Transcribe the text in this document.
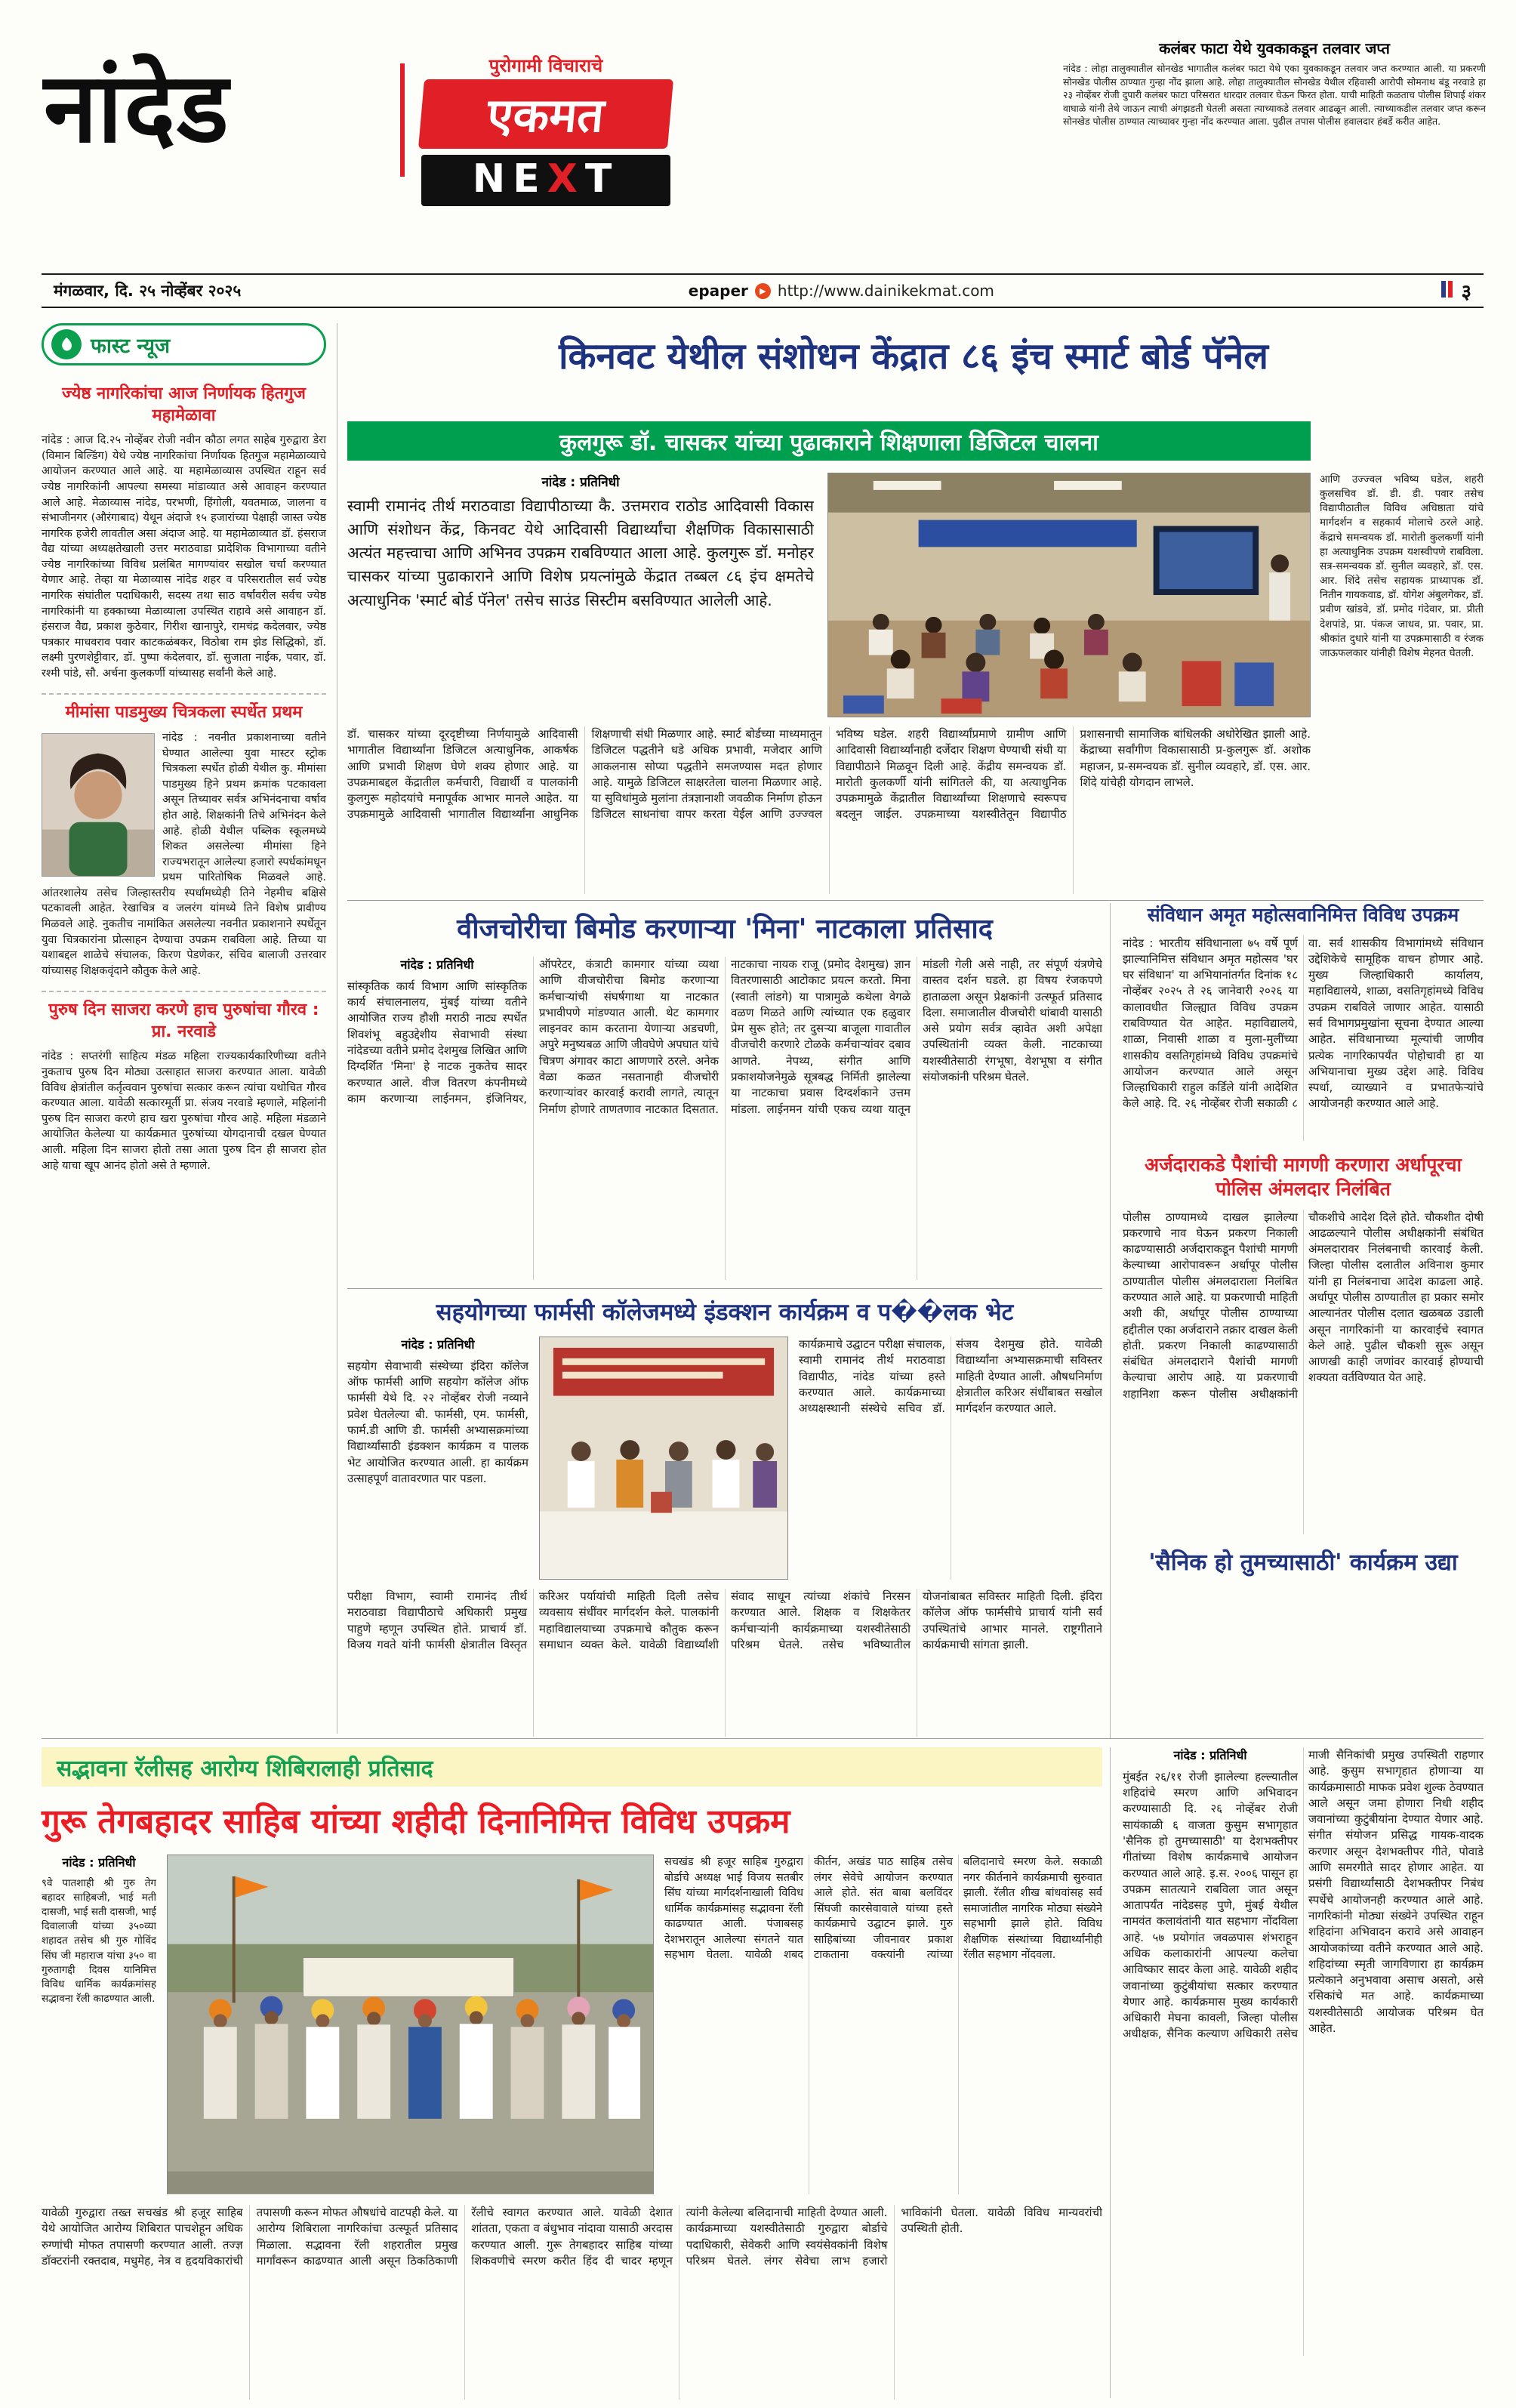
नांदेड	पुरोगामी विचाराचे
एकमत
NEXT
कलंबर फाटा येथे युवकाकडून तलवार जप्त
नांदेड : लोहा तालुक्यातील सोनखेड भागातील कलंबर फाटा येथे एका युवकाकडून तलवार जप्त करण्यात आली. या प्रकरणी सोनखेड पोलीस ठाण्यात गुन्हा नोंद झाला आहे. लोहा तालुक्यातील सोनखेड येथील रहिवासी आरोपी सोमनाथ बंडू नरवाडे हा २३ नोव्हेंबर रोजी दुपारी कलंबर फाटा परिसरात धारदार तलवार घेऊन फिरत होता. याची माहिती कळताच पोलीस शिपाई शंकर वाघाळे यांनी तेथे जाऊन त्याची अंगझडती घेतली असता त्याच्याकडे तलवार आढळून आली. त्याच्याकडील तलवार जप्त करून सोनखेड पोलीस ठाण्यात त्याच्यावर गुन्हा नोंद करण्यात आला. पुढील तपास पोलीस हवालदार हंबर्डे करीत आहेत.
मंगळवार, दि. २५ नोव्हेंबर २०२५	epaper ▶ http://www.dainikekmat.com	३
फास्ट न्यूज
ज्येष्ठ नागरिकांचा आज निर्णायक हितगुज महामेळावा
नांदेड : आज दि.२५ नोव्हेंबर रोजी नवीन कौठा लगत साहेब गुरुद्वारा डेरा (विमान बिल्डिंग) येथे ज्येष्ठ नागरिकांचा निर्णायक हितगुज महामेळाव्याचे आयोजन करण्यात आले आहे. या महामेळाव्यास उपस्थित राहून सर्व ज्येष्ठ नागरिकांनी आपल्या समस्या मांडाव्यात असे आवाहन करण्यात आले आहे. मेळाव्यास नांदेड, परभणी, हिंगोली, यवतमाळ, जालना व संभाजीनगर (औरंगाबाद) येथून अंदाजे १५ हजारांच्या पेक्षाही जास्त ज्येष्ठ नागरिक हजेरी लावतील असा अंदाज आहे. या महामेळाव्यात डॉ. हंसराज वैद्य यांच्या अध्यक्षतेखाली उत्तर मराठवाडा प्रादेशिक विभागाच्या वतीने ज्येष्ठ नागरिकांच्या विविध प्रलंबित मागण्यांवर सखोल चर्चा करण्यात येणार आहे. तेव्हा या मेळाव्यास नांदेड शहर व परिसरातील सर्व ज्येष्ठ नागरिक संघांतील पदाधिकारी, सदस्य तथा साठ वर्षांवरील सर्वच ज्येष्ठ नागरिकांनी या हक्काच्या मेळाव्याला उपस्थित राहावे असे आवाहन डॉ. हंसराज वैद्य, प्रकाश कुठेवार, गिरीश खानापुरे, रामचंद्र कदेलवार, ज्येष्ठ पत्रकार माधवराव पवार काटकळंबकर, विठोबा राम झेड सिद्धिको, डॉ. लक्ष्मी पुरणशेट्टीवार, डॉ. पुष्पा कंदेलवार, डॉ. सुजाता नाईक, पवार, डॉ. रश्मी पांडे, सौ. अर्चना कुलकर्णी यांच्यासह सर्वांनी केले आहे.
मीमांसा पाडमुख्य चित्रकला स्पर्धेत प्रथम
नांदेड : नवनीत प्रकाशनाच्या वतीने घेण्यात आलेल्या युवा मास्टर स्ट्रोक चित्रकला स्पर्धेत होळी येथील कु. मीमांसा पाडमुख्य हिने प्रथम क्रमांक पटकावला असून तिच्यावर सर्वत्र अभिनंदनाचा वर्षाव होत आहे. शिक्षकांनी तिचे अभिनंदन केले आहे. होळी येथील पब्लिक स्कूलमध्ये शिकत असलेल्या मीमांसा हिने राज्यभरातून आलेल्या हजारो स्पर्धकांमधून प्रथम पारितोषिक मिळवले आहे. आंतरशालेय तसेच जिल्हास्तरीय स्पर्धांमध्येही तिने नेहमीच बक्षिसे पटकावली आहेत. रेखाचित्र व जलरंग यांमध्ये तिने विशेष प्रावीण्य मिळवले आहे. नुकतीच नामांकित असलेल्या नवनीत प्रकाशनाने स्पर्धेतून युवा चित्रकारांना प्रोत्साहन देण्याचा उपक्रम राबविला आहे. तिच्या या यशाबद्दल शाळेचे संचालक, किरण पेडणेकर, संचिव बालाजी उत्तरवार यांच्यासह शिक्षकवृंदाने कौतुक केले आहे.
पुरुष दिन साजरा करणे हाच पुरुषांचा गौरव : प्रा. नरवाडे
नांदेड : सप्तरंगी साहित्य मंडळ महिला राज्यकार्यकारिणीच्या वतीने नुकताच पुरुष दिन मोठ्या उत्साहात साजरा करण्यात आला. यावेळी विविध क्षेत्रांतील कर्तृत्ववान पुरुषांचा सत्कार करून त्यांचा यथोचित गौरव करण्यात आला. यावेळी सत्कारमूर्ती प्रा. संजय नरवाडे म्हणाले, महिलांनी पुरुष दिन साजरा करणे हाच खरा पुरुषांचा गौरव आहे. महिला मंडळाने आयोजित केलेल्या या कार्यक्रमात पुरुषांच्या योगदानाची दखल घेण्यात आली. महिला दिन साजरा होतो तसा आता पुरुष दिन ही साजरा होत आहे याचा खूप आनंद होतो असे ते म्हणाले.
किनवट येथील संशोधन केंद्रात ८६ इंच स्मार्ट बोर्ड पॅनेल
कुलगुरू डॉ. चासकर यांच्या पुढाकाराने शिक्षणाला डिजिटल चालना
नांदेड : प्रतिनिधी
स्वामी रामानंद तीर्थ मराठवाडा विद्यापीठाच्या कै. उत्तमराव राठोड आदिवासी विकास आणि संशोधन केंद्र, किनवट येथे आदिवासी विद्यार्थ्यांचा शैक्षणिक विकासासाठी अत्यंत महत्त्वाचा आणि अभिनव उपक्रम राबविण्यात आला आहे. कुलगुरू डॉ. मनोहर चासकर यांच्या पुढाकाराने आणि विशेष प्रयत्नांमुळे केंद्रात तब्बल ८६ इंच क्षमतेचे अत्याधुनिक 'स्मार्ट बोर्ड पॅनेल' तसेच साउंड सिस्टीम बसविण्यात आलेली आहे.
आणि उज्ज्वल भविष्य घडेल, शहरी कुलसचिव डॉ. डी. डी. पवार तसेच विद्यापीठातील विविध अधिष्ठाता यांचे मार्गदर्शन व सहकार्य मोलाचे ठरले आहे. केंद्राचे समन्वयक डॉ. मारोती कुलकर्णी यांनी हा अत्याधुनिक उपक्रम यशस्वीपणे राबविला. सत्र-समन्वयक डॉ. सुनील व्यवहारे, डॉ. एस. आर. शिंदे तसेच सहायक प्राध्यापक डॉ. नितीन गायकवाड, डॉ. योगेश अंबुलगेकर, डॉ. प्रवीण खांडवे, डॉ. प्रमोद गंदेवार, प्रा. प्रीती देशपांडे, प्रा. पंकज जाधव, प्रा. पवार, प्रा. श्रीकांत दुधारे यांनी या उपक्रमासाठी व रंजक जाऊफलकार यांनीही विशेष मेहनत घेतली.
डॉ. चासकर यांच्या दूरदृष्टीच्या निर्णयामुळे आदिवासी भागातील विद्यार्थ्यांना डिजिटल अत्याधुनिक, आकर्षक आणि प्रभावी शिक्षण घेणे शक्य होणार आहे. या उपक्रमाबद्दल केंद्रातील कर्मचारी, विद्यार्थी व पालकांनी कुलगुरू महोदयांचे मनापूर्वक आभार मानले आहेत. या उपक्रमामुळे आदिवासी भागातील विद्यार्थ्यांना आधुनिक शिक्षणाची संधी मिळणार आहे. स्मार्ट बोर्डच्या माध्यमातून डिजिटल पद्धतीने धडे अधिक प्रभावी, मजेदार आणि आकलनास सोप्या पद्धतीने समजण्यास मदत होणार आहे. यामुळे डिजिटल साक्षरतेला चालना मिळणार आहे. या सुविधांमुळे मुलांना तंत्रज्ञानाशी जवळीक निर्माण होऊन डिजिटल साधनांचा वापर करता येईल आणि उज्ज्वल भविष्य घडेल. शहरी विद्यार्थ्यांप्रमाणे ग्रामीण आणि आदिवासी विद्यार्थ्यांनाही दर्जेदार शिक्षण घेण्याची संधी या विद्यापीठाने मिळवून दिली आहे. केंद्रीय समन्वयक डॉ. मारोती कुलकर्णी यांनी सांगितले की, या अत्याधुनिक उपक्रमामुळे केंद्रातील विद्यार्थ्यांच्या शिक्षणाचे स्वरूपच बदलून जाईल. उपक्रमाच्या यशस्वीतेतून विद्यापीठ प्रशासनाची सामाजिक बांधिलकी अधोरेखित झाली आहे. केंद्राच्या सर्वांगीण विकासासाठी प्र-कुलगुरू डॉ. अशोक महाजन, प्र-समन्वयक डॉ. सुनील व्यवहारे, डॉ. एस. आर. शिंदे यांचेही योगदान लाभले.
वीजचोरीचा बिमोड करणाऱ्या 'मिना' नाटकाला प्रतिसाद
नांदेड : प्रतिनिधी
सांस्कृतिक कार्य विभाग आणि सांस्कृतिक कार्य संचालनालय, मुंबई यांच्या वतीने आयोजित राज्य हौशी मराठी नाट्य स्पर्धेत शिवशंभू बहुउद्देशीय सेवाभावी संस्था नांदेडच्या वतीने प्रमोद देशमुख लिखित आणि दिग्दर्शित 'मिना' हे नाटक नुकतेच सादर करण्यात आले. वीज वितरण कंपनीमध्ये काम करणाऱ्या लाईनमन, इंजिनियर, ऑपरेटर, कंत्राटी कामगार यांच्या व्यथा आणि वीजचोरीचा बिमोड करणाऱ्या कर्मचाऱ्यांची संघर्षगाथा या नाटकात प्रभावीपणे मांडण्यात आली. थेट कामगार लाइनवर काम करताना येणाऱ्या अडचणी, अपुरे मनुष्यबळ आणि जीवघेणे अपघात यांचे चित्रण अंगावर काटा आणणारे ठरले. अनेक वेळा कळत नसतानाही वीजचोरी करणाऱ्यांवर कारवाई करावी लागते, त्यातून निर्माण होणारे ताणतणाव नाटकात दिसतात. नाटकाचा नायक राजू (प्रमोद देशमुख) ज्ञान वितरणासाठी आटोकाट प्रयत्न करतो. मिना (स्वाती लांडगे) या पात्रामुळे कथेला वेगळे वळण मिळते आणि त्यांच्यात एक हळुवार प्रेम सुरू होते; तर दुसऱ्या बाजूला गावातील वीजचोरी करणारे टोळके कर्मचाऱ्यांवर दबाव आणते. नेपथ्य, संगीत आणि प्रकाशयोजनेमुळे सूत्रबद्ध निर्मिती झालेल्या या नाटकाचा प्रवास दिग्दर्शकाने उत्तम मांडला. लाईनमन यांची एकच व्यथा यातून मांडली गेली असे नाही, तर संपूर्ण यंत्रणेचे वास्तव दर्शन घडले. हा विषय रंजकपणे हाताळला असून प्रेक्षकांनी उत्स्फूर्त प्रतिसाद दिला. समाजातील वीजचोरी थांबावी यासाठी असे प्रयोग सर्वत्र व्हावेत अशी अपेक्षा उपस्थितांनी व्यक्त केली. नाटकाच्या यशस्वीतेसाठी रंगभूषा, वेशभूषा व संगीत संयोजकांनी परिश्रम घेतले.
सहयोगच्या फार्मसी कॉलेजमध्ये इंडक्शन कार्यक्रम व प��लक भेट
नांदेड : प्रतिनिधी
सहयोग सेवाभावी संस्थेच्या इंदिरा कॉलेज ऑफ फार्मसी आणि सहयोग कॉलेज ऑफ फार्मसी येथे दि. २२ नोव्हेंबर रोजी नव्याने प्रवेश घेतलेल्या बी. फार्मसी, एम. फार्मसी, फार्म.डी आणि डी. फार्मसी अभ्यासक्रमांच्या विद्यार्थ्यांसाठी इंडक्शन कार्यक्रम व पालक भेट आयोजित करण्यात आली. हा कार्यक्रम उत्साहपूर्ण वातावरणात पार पडला.
कार्यक्रमाचे उद्घाटन परीक्षा संचालक, स्वामी रामानंद तीर्थ मराठवाडा विद्यापीठ, नांदेड यांच्या हस्ते करण्यात आले. कार्यक्रमाच्या अध्यक्षस्थानी संस्थेचे सचिव डॉ. संजय देशमुख होते. यावेळी विद्यार्थ्यांना अभ्यासक्रमाची सविस्तर माहिती देण्यात आली. औषधनिर्माण क्षेत्रातील करिअर संधींबाबत सखोल मार्गदर्शन करण्यात आले.
परीक्षा विभाग, स्वामी रामानंद तीर्थ मराठवाडा विद्यापीठाचे अधिकारी प्रमुख पाहुणे म्हणून उपस्थित होते. प्राचार्य डॉ. विजय गवते यांनी फार्मसी क्षेत्रातील विस्तृत करिअर पर्यायांची माहिती दिली तसेच व्यवसाय संधींवर मार्गदर्शन केले. पालकांनी महाविद्यालयाच्या उपक्रमाचे कौतुक करून समाधान व्यक्त केले. यावेळी विद्यार्थ्यांशी संवाद साधून त्यांच्या शंकांचे निरसन करण्यात आले. शिक्षक व शिक्षकेतर कर्मचाऱ्यांनी कार्यक्रमाच्या यशस्वीतेसाठी परिश्रम घेतले. तसेच भविष्यातील योजनांबाबत सविस्तर माहिती दिली. इंदिरा कॉलेज ऑफ फार्मसीचे प्राचार्य यांनी सर्व उपस्थितांचे आभार मानले. राष्ट्रगीताने कार्यक्रमाची सांगता झाली.
संविधान अमृत महोत्सवानिमित्त विविध उपक्रम
नांदेड : भारतीय संविधानाला ७५ वर्षे पूर्ण झाल्यानिमित्त संविधान अमृत महोत्सव 'घर घर संविधान' या अभियानांतर्गत दिनांक १८ नोव्हेंबर २०२५ ते २६ जानेवारी २०२६ या कालावधीत जिल्ह्यात विविध उपक्रम राबविण्यात येत आहेत. महाविद्यालये, शाळा, निवासी शाळा व मुला-मुलींच्या शासकीय वसतिगृहांमध्ये विविध उपक्रमांचे आयोजन करण्यात आले असून जिल्हाधिकारी राहुल कर्डिले यांनी आदेशित केले आहे. दि. २६ नोव्हेंबर रोजी सकाळी ८ वा. सर्व शासकीय विभागांमध्ये संविधान उद्देशिकेचे सामूहिक वाचन होणार आहे. मुख्य जिल्हाधिकारी कार्यालय, महाविद्यालये, शाळा, वसतिगृहांमध्ये विविध उपक्रम राबविले जाणार आहेत. यासाठी सर्व विभागप्रमुखांना सूचना देण्यात आल्या आहेत. संविधानाच्या मूल्यांची जाणीव प्रत्येक नागरिकापर्यंत पोहोचावी हा या अभियानाचा मुख्य उद्देश आहे. विविध स्पर्धा, व्याख्याने व प्रभातफेऱ्यांचे आयोजनही करण्यात आले आहे.
अर्जदाराकडे पैशांची मागणी करणारा अर्धापूरचा पोलिस अंमलदार निलंबित
पोलीस ठाण्यामध्ये दाखल झालेल्या प्रकरणाचे नाव घेऊन प्रकरण निकाली काढण्यासाठी अर्जदाराकडून पैशांची मागणी केल्याच्या आरोपावरून अर्धापूर पोलीस ठाण्यातील पोलीस अंमलदाराला निलंबित करण्यात आले आहे. या प्रकरणाची माहिती अशी की, अर्धापूर पोलीस ठाण्याच्या हद्दीतील एका अर्जदाराने तक्रार दाखल केली होती. प्रकरण निकाली काढण्यासाठी संबंधित अंमलदाराने पैशांची मागणी केल्याचा आरोप आहे. या प्रकरणाची शहानिशा करून पोलीस अधीक्षकांनी चौकशीचे आदेश दिले होते. चौकशीत दोषी आढळल्याने पोलीस अधीक्षकांनी संबंधित अंमलदारावर निलंबनाची कारवाई केली. जिल्हा पोलीस दलातील अविनाश कुमार यांनी हा निलंबनाचा आदेश काढला आहे. अर्धापूर पोलीस ठाण्यातील हा प्रकार समोर आल्यानंतर पोलीस दलात खळबळ उडाली असून नागरिकांनी या कारवाईचे स्वागत केले आहे. पुढील चौकशी सुरू असून आणखी काही जणांवर कारवाई होण्याची शक्यता वर्तविण्यात येत आहे.
'सैनिक हो तुमच्यासाठी' कार्यक्रम उद्या
नांदेड : प्रतिनिधी
मुंबईत २६/११ रोजी झालेल्या हल्ल्यातील शहिदांचे स्मरण आणि अभिवादन करण्यासाठी दि. २६ नोव्हेंबर रोजी सायंकाळी ६ वाजता कुसुम सभागृहात 'सैनिक हो तुमच्यासाठी' या देशभक्तीपर गीतांच्या विशेष कार्यक्रमाचे आयोजन करण्यात आले आहे. इ.स. २००६ पासून हा उपक्रम सातत्याने राबविला जात असून आतापर्यंत नांदेडसह पुणे, मुंबई येथील नामवंत कलावंतांनी यात सहभाग नोंदविला आहे. ५७ प्रयोगांत जवळपास शंभराहून अधिक कलाकारांनी आपल्या कलेचा आविष्कार सादर केला आहे. यावेळी शहीद जवानांच्या कुटुंबीयांचा सत्कार करण्यात येणार आहे. कार्यक्रमास मुख्य कार्यकारी अधिकारी मेघना कावली, जिल्हा पोलीस अधीक्षक, सैनिक कल्याण अधिकारी तसेच माजी सैनिकांची प्रमुख उपस्थिती राहणार आहे. कुसुम सभागृहात होणाऱ्या या कार्यक्रमासाठी माफक प्रवेश शुल्क ठेवण्यात आले असून जमा होणारा निधी शहीद जवानांच्या कुटुंबीयांना देण्यात येणार आहे. संगीत संयोजन प्रसिद्ध गायक-वादक करणार असून देशभक्तीपर गीते, पोवाडे आणि समरगीते सादर होणार आहेत. या प्रसंगी विद्यार्थ्यांसाठी देशभक्तीपर निबंध स्पर्धेचे आयोजनही करण्यात आले आहे. नागरिकांनी मोठ्या संख्येने उपस्थित राहून शहिदांना अभिवादन करावे असे आवाहन आयोजकांच्या वतीने करण्यात आले आहे. शहिदांच्या स्मृती जागविणारा हा कार्यक्रम प्रत्येकाने अनुभवावा असाच असतो, असे रसिकांचे मत आहे. कार्यक्रमाच्या यशस्वीतेसाठी आयोजक परिश्रम घेत आहेत.
सद्भावना रॅलीसह आरोग्य शिबिरालाही प्रतिसाद
गुरू तेगबहादर साहिब यांच्या शहीदी दिनानिमित्त विविध उपक्रम
नांदेड : प्रतिनिधी
९वे पातशाही श्री गुरु तेग बहादर साहिबजी, भाई मती दासजी, भाई सती दासजी, भाई दिवालाजी यांच्या ३५०व्या शहादत तसेच श्री गुरु गोविंद सिंघ जी महाराज यांचा ३५० वा गुरुतागद्दी दिवस यानिमित्त विविध धार्मिक कार्यक्रमांसह सद्भावना रॅली काढण्यात आली.
सचखंड श्री हजूर साहिब गुरुद्वारा बोर्डाचे अध्यक्ष भाई विजय सतबीर सिंघ यांच्या मार्गदर्शनाखाली विविध धार्मिक कार्यक्रमांसह सद्भावना रॅली काढण्यात आली. पंजाबसह देशभरातून आलेल्या संगतने यात सहभाग घेतला. यावेळी शबद कीर्तन, अखंड पाठ साहिब तसेच लंगर सेवेचे आयोजन करण्यात आले होते. संत बाबा बलविंदर सिंघजी कारसेवावाले यांच्या हस्ते कार्यक्रमाचे उद्घाटन झाले. गुरु साहिबांच्या जीवनावर प्रकाश टाकताना वक्त्यांनी त्यांच्या बलिदानाचे स्मरण केले. सकाळी नगर कीर्तनाने कार्यक्रमाची सुरुवात झाली. रॅलीत शीख बांधवांसह सर्व समाजांतील नागरिक मोठ्या संख्येने सहभागी झाले होते. विविध शैक्षणिक संस्थांच्या विद्यार्थ्यांनीही रॅलीत सहभाग नोंदवला.
यावेळी गुरुद्वारा तख्त सचखंड श्री हजूर साहिब येथे आयोजित आरोग्य शिबिरात पाचशेहून अधिक रुग्णांची मोफत तपासणी करण्यात आली. तज्ज्ञ डॉक्टरांनी रक्तदाब, मधुमेह, नेत्र व हृदयविकारांची तपासणी करून मोफत औषधांचे वाटपही केले. या आरोग्य शिबिराला नागरिकांचा उत्स्फूर्त प्रतिसाद मिळाला. सद्भावना रॅली शहरातील प्रमुख मार्गांवरून काढण्यात आली असून ठिकठिकाणी रॅलीचे स्वागत करण्यात आले. यावेळी देशात शांतता, एकता व बंधुभाव नांदावा यासाठी अरदास करण्यात आली. गुरू तेगबहादर साहिब यांच्या शिकवणीचे स्मरण करीत हिंद दी चादर म्हणून त्यांनी केलेल्या बलिदानाची माहिती देण्यात आली. कार्यक्रमाच्या यशस्वीतेसाठी गुरुद्वारा बोर्डाचे पदाधिकारी, सेवेकरी आणि स्वयंसेवकांनी विशेष परिश्रम घेतले. लंगर सेवेचा लाभ हजारो भाविकांनी घेतला. यावेळी विविध मान्यवरांची उपस्थिती होती.
